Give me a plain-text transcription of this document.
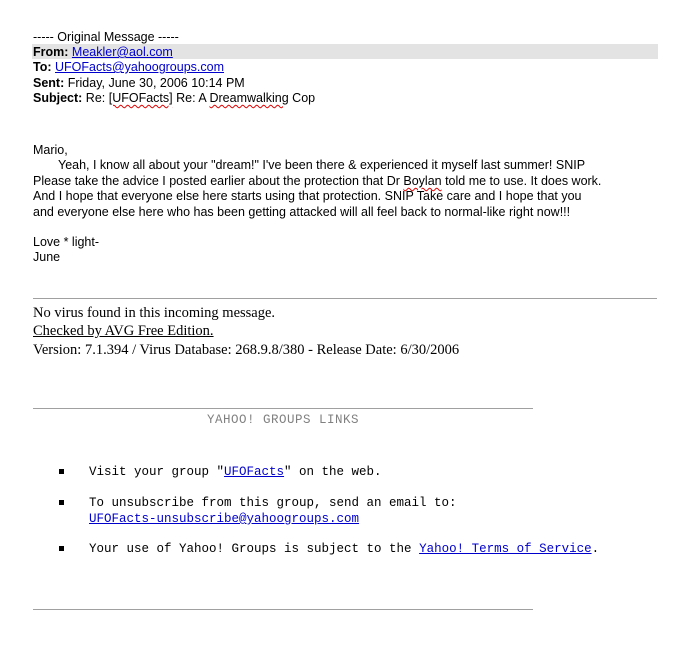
----- Original Message -----
From: Meakler@aol.com
To: UFOFacts@yahoogroups.com
Sent: Friday, June 30, 2006 10:14 PM
Subject: Re: [UFOFacts] Re: A Dreamwalking Cop
Mario,
Yeah, I know all about your "dream!" I've been there & experienced it myself last summer! SNIP
Please take the advice I posted earlier about the protection that Dr Boylan told me to use. It does work.
And I hope that everyone else here starts using that protection. SNIP Take care and I hope that you
and everyone else here who has been getting attacked will all feel back to normal-like right now!!!
Love * light-
June
No virus found in this incoming message.
Checked by AVG Free Edition.
Version: 7.1.394 / Virus Database: 268.9.8/380 - Release Date: 6/30/2006
YAHOO! GROUPS LINKS
Visit your group "UFOFacts" on the web.
To unsubscribe from this group, send an email to:
UFOFacts-unsubscribe@yahoogroups.com
Your use of Yahoo! Groups is subject to the Yahoo! Terms of Service.
